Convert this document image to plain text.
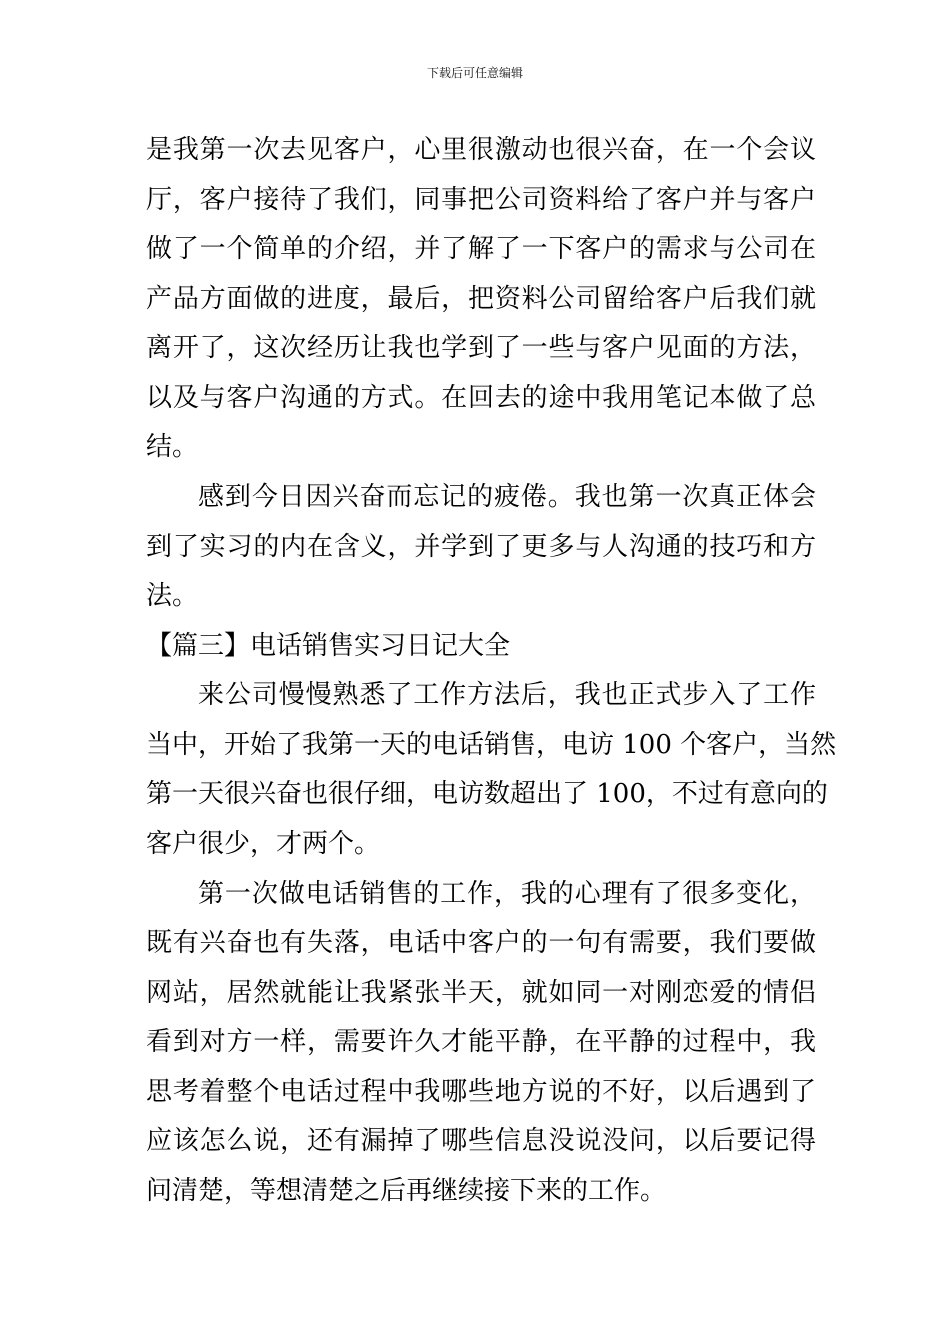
下载后可任意编辑
是我第一次去见客户，心里很激动也很兴奋，在一个会议
厅，客户接待了我们，同事把公司资料给了客户并与客户
做了一个简单的介绍，并了解了一下客户的需求与公司在
产品方面做的进度，最后，把资料公司留给客户后我们就
离开了，这次经历让我也学到了一些与客户见面的方法，
以及与客户沟通的方式。在回去的途中我用笔记本做了总
结。
感到今日因兴奋而忘记的疲倦。我也第一次真正体会
到了实习的内在含义，并学到了更多与人沟通的技巧和方
法。
【篇三】电话销售实习日记大全
来公司慢慢熟悉了工作方法后，我也正式步入了工作
当中，开始了我第一天的电话销售，电访 100 个客户，当然
第一天很兴奋也很仔细，电访数超出了 100，不过有意向的
客户很少，才两个。
第一次做电话销售的工作，我的心理有了很多变化，
既有兴奋也有失落，电话中客户的一句有需要，我们要做
网站，居然就能让我紧张半天，就如同一对刚恋爱的情侣
看到对方一样，需要许久才能平静，在平静的过程中，我
思考着整个电话过程中我哪些地方说的不好，以后遇到了
应该怎么说，还有漏掉了哪些信息没说没问，以后要记得
问清楚，等想清楚之后再继续接下来的工作。
